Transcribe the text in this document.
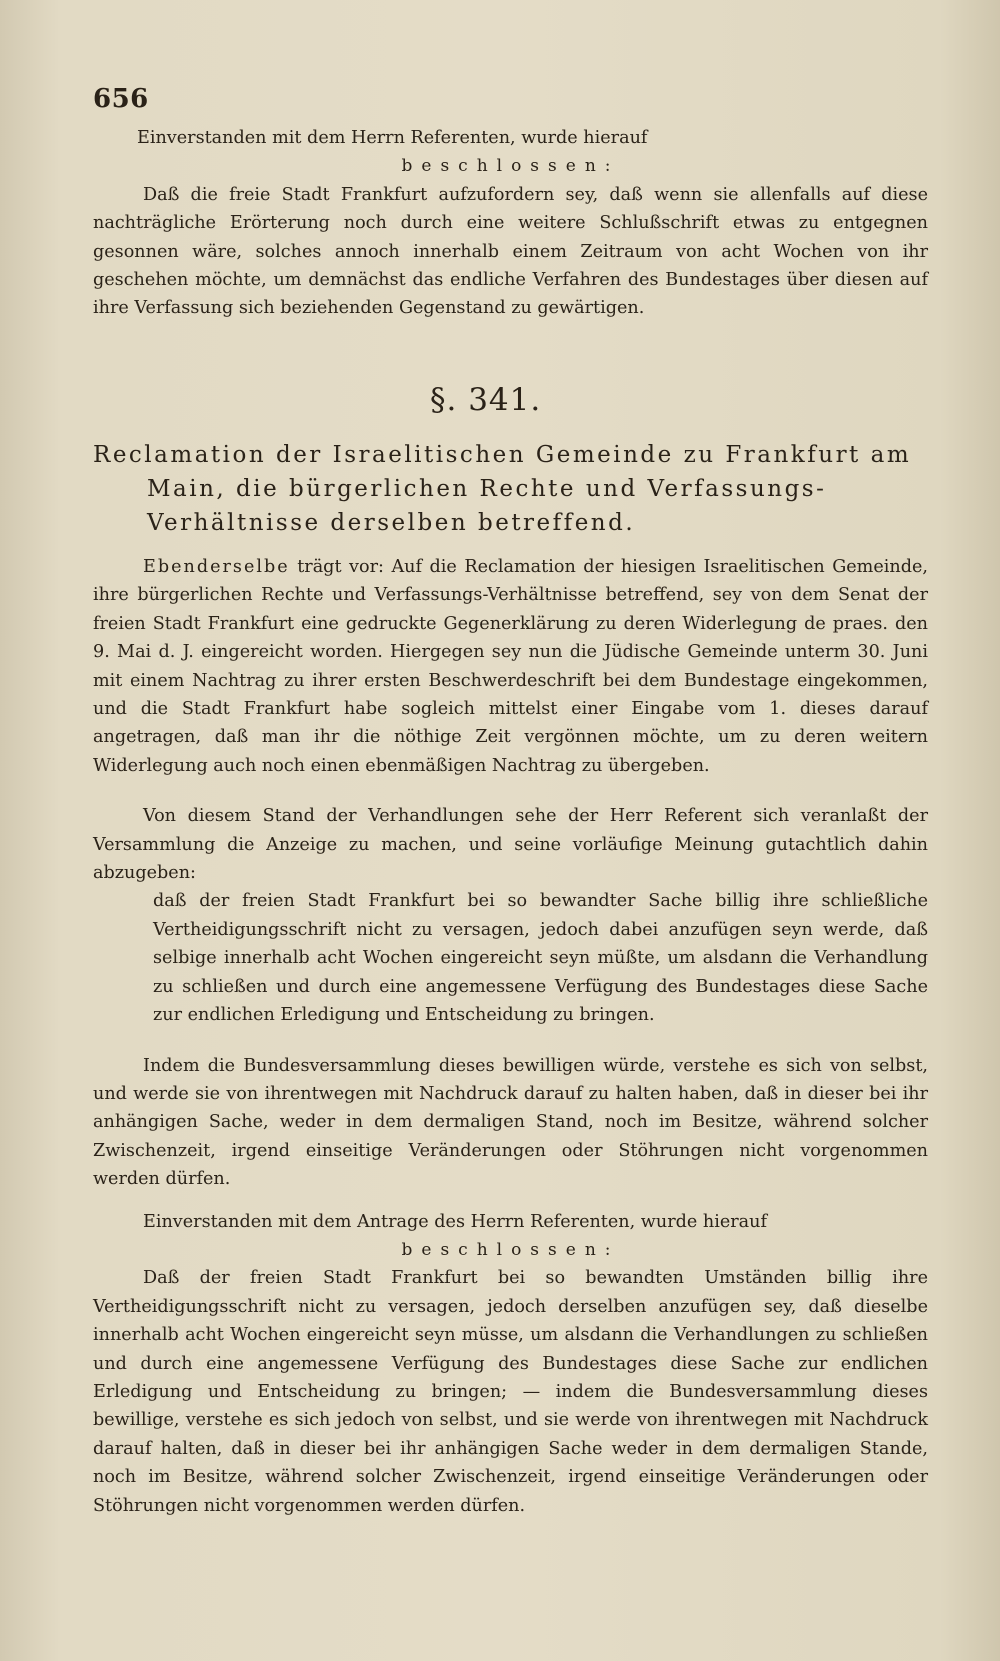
656

Einverstanden mit dem Herrn Referenten, wurde hierauf

beschlossen:

Daß die freie Stadt Frankfurt aufzufordern sey, daß wenn sie allenfalls auf diese nachträgliche Erörterung noch durch eine weitere Schlußschrift etwas zu entgegnen gesonnen wäre, solches annoch innerhalb einem Zeitraum von acht Wochen von ihr geschehen möchte, um demnächst das endliche Verfahren des Bundestages über diesen auf ihre Verfassung sich beziehenden Gegenstand zu gewärtigen.

§. 341.
Reclamation der Israelitischen Gemeinde zu Frankfurt am Main, die bürgerlichen Rechte und Verfassungs-Verhältnisse derselben betreffend.

Ebenderselbe trägt vor: Auf die Reclamation der hiesigen Israelitischen Gemeinde, ihre bürgerlichen Rechte und Verfassungs-Verhältnisse betreffend, sey von dem Senat der freien Stadt Frankfurt eine gedruckte Gegenerklärung zu deren Widerlegung de praes. den 9. Mai d. J. eingereicht worden. Hiergegen sey nun die Jüdische Gemeinde unterm 30. Juni mit einem Nachtrag zu ihrer ersten Beschwerdeschrift bei dem Bundestage eingekommen, und die Stadt Frankfurt habe sogleich mittelst einer Eingabe vom 1. dieses darauf angetragen, daß man ihr die nöthige Zeit vergönnen möchte, um zu deren weitern Widerlegung auch noch einen ebenmäßigen Nachtrag zu übergeben.

Von diesem Stand der Verhandlungen sehe der Herr Referent sich veranlaßt der Versammlung die Anzeige zu machen, und seine vorläufige Meinung gutachtlich dahin abzugeben:

daß der freien Stadt Frankfurt bei so bewandter Sache billig ihre schließliche Vertheidigungsschrift nicht zu versagen, jedoch dabei anzufügen seyn werde, daß selbige innerhalb acht Wochen eingereicht seyn müßte, um alsdann die Verhandlung zu schließen und durch eine angemessene Verfügung des Bundestages diese Sache zur endlichen Erledigung und Entscheidung zu bringen.

Indem die Bundesversammlung dieses bewilligen würde, verstehe es sich von selbst, und werde sie von ihrentwegen mit Nachdruck darauf zu halten haben, daß in dieser bei ihr anhängigen Sache, weder in dem dermaligen Stand, noch im Besitze, während solcher Zwischenzeit, irgend einseitige Veränderungen oder Stöhrungen nicht vorgenommen werden dürfen.

Einverstanden mit dem Antrage des Herrn Referenten, wurde hierauf

beschlossen:

Daß der freien Stadt Frankfurt bei so bewandten Umständen billig ihre Vertheidigungsschrift nicht zu versagen, jedoch derselben anzufügen sey, daß dieselbe innerhalb acht Wochen eingereicht seyn müsse, um alsdann die Verhandlungen zu schließen und durch eine angemessene Verfügung des Bundestages diese Sache zur endlichen Erledigung und Entscheidung zu bringen; — indem die Bundesversammlung dieses bewillige, verstehe es sich jedoch von selbst, und sie werde von ihrentwegen mit Nachdruck darauf halten, daß in dieser bei ihr anhängigen Sache weder in dem dermaligen Stande, noch im Besitze, während solcher Zwischenzeit, irgend einseitige Veränderungen oder Stöhrungen nicht vorgenommen werden dürfen.
